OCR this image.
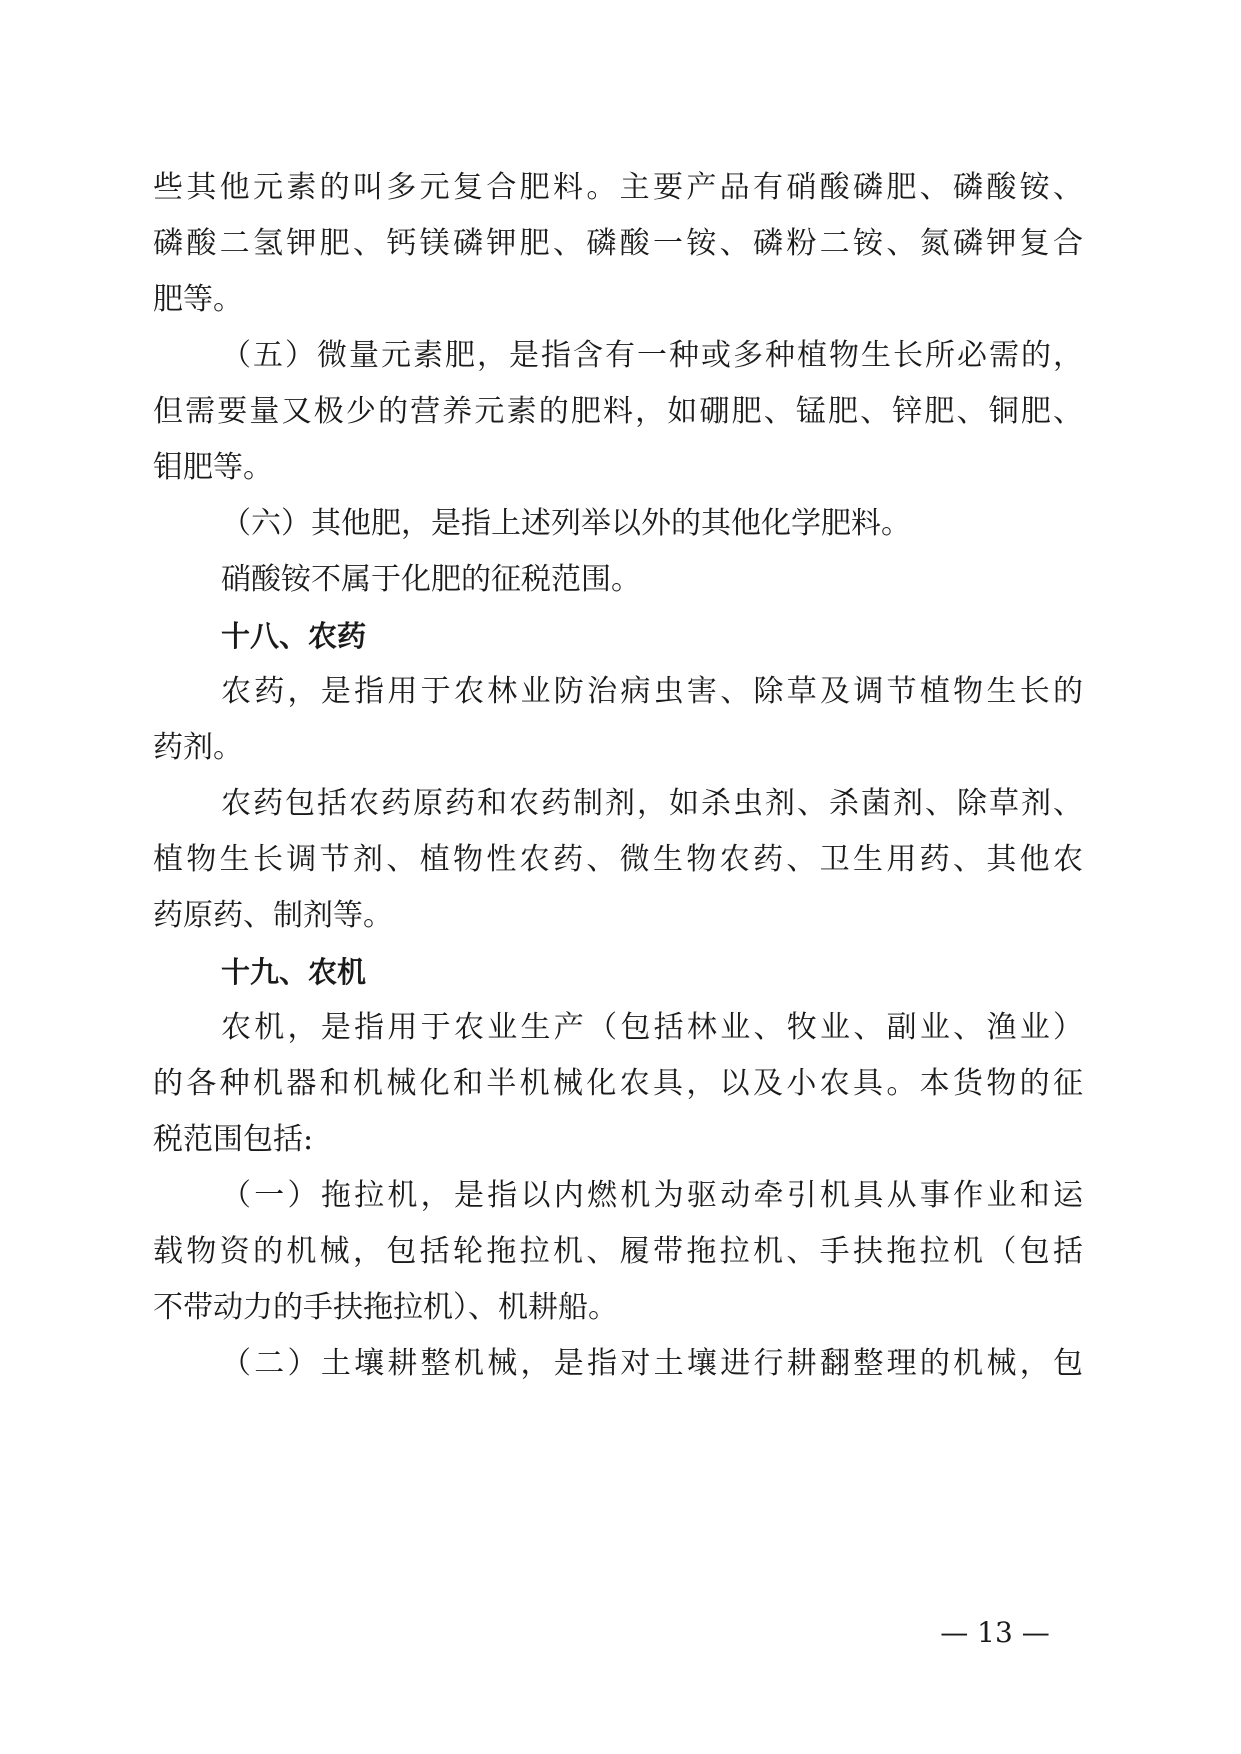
些其他元素的叫多元复合肥料。主要产品有硝酸磷肥、磷酸铵、
磷酸二氢钾肥、钙镁磷钾肥、磷酸一铵、磷粉二铵、氮磷钾复合
肥等。
（五）微量元素肥，是指含有一种或多种植物生长所必需的，
但需要量又极少的营养元素的肥料，如硼肥、锰肥、锌肥、铜肥、
钼肥等。
（六）其他肥，是指上述列举以外的其他化学肥料。
硝酸铵不属于化肥的征税范围。
十八、农药
农药，是指用于农林业防治病虫害、除草及调节植物生长的
药剂。
农药包括农药原药和农药制剂，如杀虫剂、杀菌剂、除草剂、
植物生长调节剂、植物性农药、微生物农药、卫生用药、其他农
药原药、制剂等。
十九、农机
农机，是指用于农业生产（包括林业、牧业、副业、渔业）
的各种机器和机械化和半机械化农具，以及小农具。本货物的征
税范围包括:
（一）拖拉机，是指以内燃机为驱动牵引机具从事作业和运
载物资的机械，包括轮拖拉机、履带拖拉机、手扶拖拉机（包括
不带动力的手扶拖拉机）、机耕船。
（二）土壤耕整机械，是指对土壤进行耕翻整理的机械，包
— 13 —
